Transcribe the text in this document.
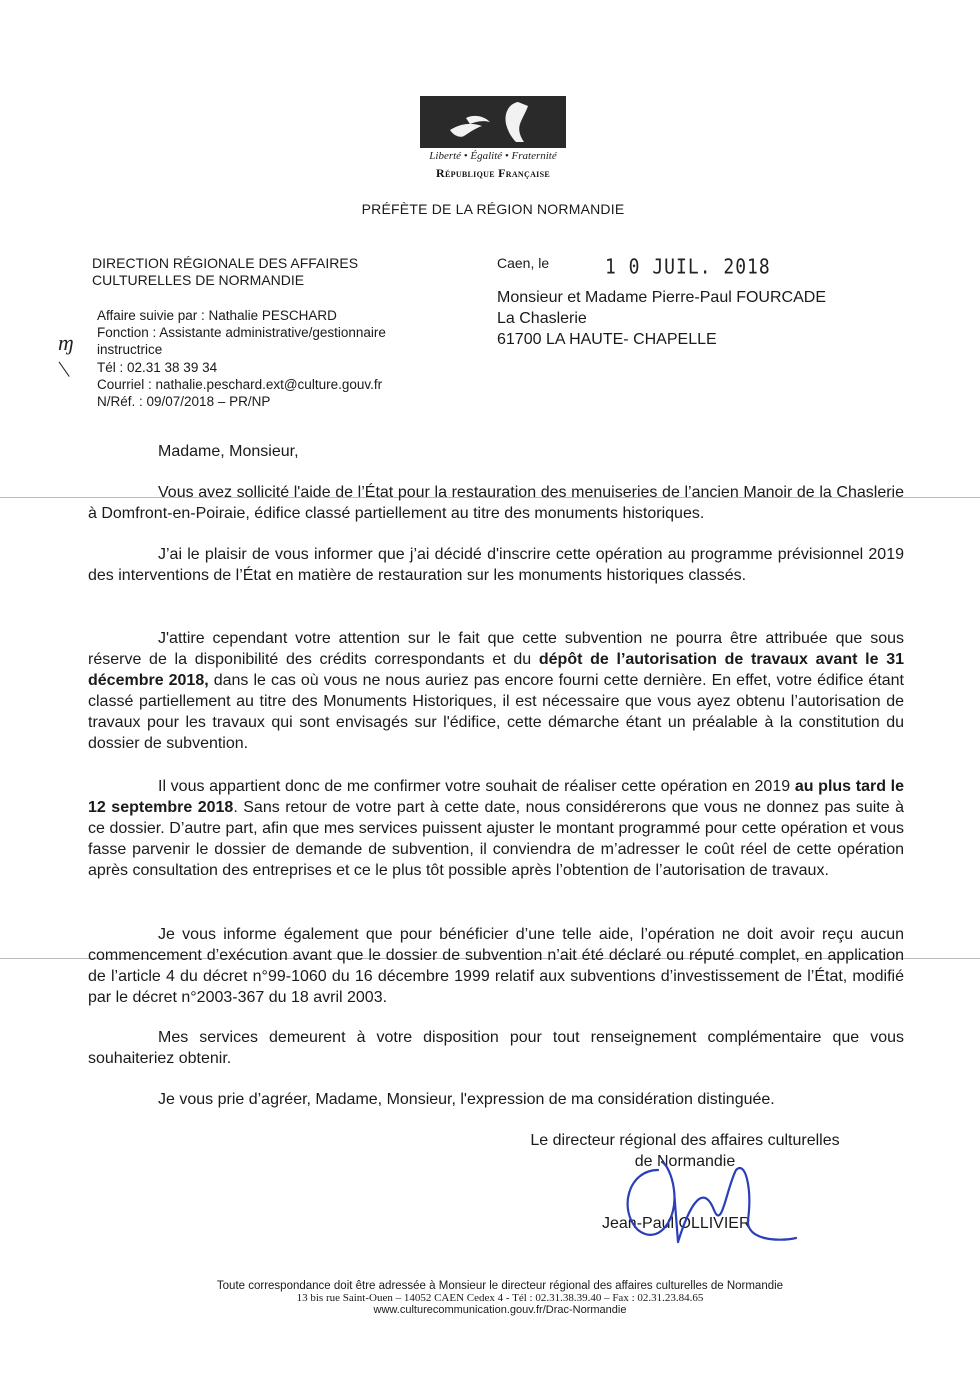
Liberté • Égalité • Fraternité
République Française
PRÉFÈTE DE LA RÉGION NORMANDIE
DIRECTION RÉGIONALE DES AFFAIRES
CULTURELLES DE NORMANDIE
Affaire suivie par : Nathalie PESCHARD
Fonction : Assistante administrative/gestionnaire
instructrice
Tél : 02.31 38 39 34
Courriel : nathalie.peschard.ext@culture.gouv.fr
N/Réf. : 09/07/2018 – PR/NP
ɱ
Caen, le	1 0 JUIL. 2018
Monsieur et Madame Pierre-Paul FOURCADE
La Chaslerie
61700 LA HAUTE- CHAPELLE
Madame, Monsieur,
Vous avez sollicité l'aide de l’État pour la restauration des menuiseries de l’ancien Manoir de la Chaslerie à Domfront-en-Poiraie, édifice classé partiellement au titre des monuments historiques.
J’ai le plaisir de vous informer que j’ai décidé d'inscrire cette opération au programme prévisionnel 2019 des interventions de l’État en matière de restauration sur les monuments historiques classés.
J'attire cependant votre attention sur le fait que cette subvention ne pourra être attribuée que sous réserve de la disponibilité des crédits correspondants et du dépôt de l’autorisation de travaux avant le 31 décembre 2018, dans le cas où vous ne nous auriez pas encore fourni cette dernière. En effet, votre édifice étant classé partiellement au titre des Monuments Historiques, il est nécessaire que vous ayez obtenu l’autorisation de travaux pour les travaux qui sont envisagés sur l'édifice, cette démarche étant un préalable à la constitution du dossier de subvention.
Il vous appartient donc de me confirmer votre souhait de réaliser cette opération en 2019 au plus tard le 12 septembre 2018. Sans retour de votre part à cette date, nous considérerons que vous ne donnez pas suite à ce dossier. D’autre part, afin que mes services puissent ajuster le montant programmé pour cette opération et vous fasse parvenir le dossier de demande de subvention, il conviendra de m’adresser le coût réel de cette opération après consultation des entreprises et ce le plus tôt possible après l’obtention de l’autorisation de travaux.
Je vous informe également que pour bénéficier d’une telle aide, l’opération ne doit avoir reçu aucun commencement d’exécution avant que le dossier de subvention n’ait été déclaré ou réputé complet, en application de l’article 4 du décret n°99-1060 du 16 décembre 1999 relatif aux subventions d’investissement de l’État, modifié par le décret n°2003-367 du 18 avril 2003.
Mes services demeurent à votre disposition pour tout renseignement complémentaire que vous souhaiteriez obtenir.
Je vous prie d’agréer, Madame, Monsieur, l'expression de ma considération distinguée.
Le directeur régional des affaires culturelles
de Normandie
Jean-Paul OLLIVIER
Toute correspondance doit être adressée à Monsieur le directeur régional des affaires culturelles de Normandie
13 bis rue Saint-Ouen – 14052 CAEN Cedex 4 - Tél : 02.31.38.39.40 – Fax : 02.31.23.84.65
www.culturecommunication.gouv.fr/Drac-Normandie
